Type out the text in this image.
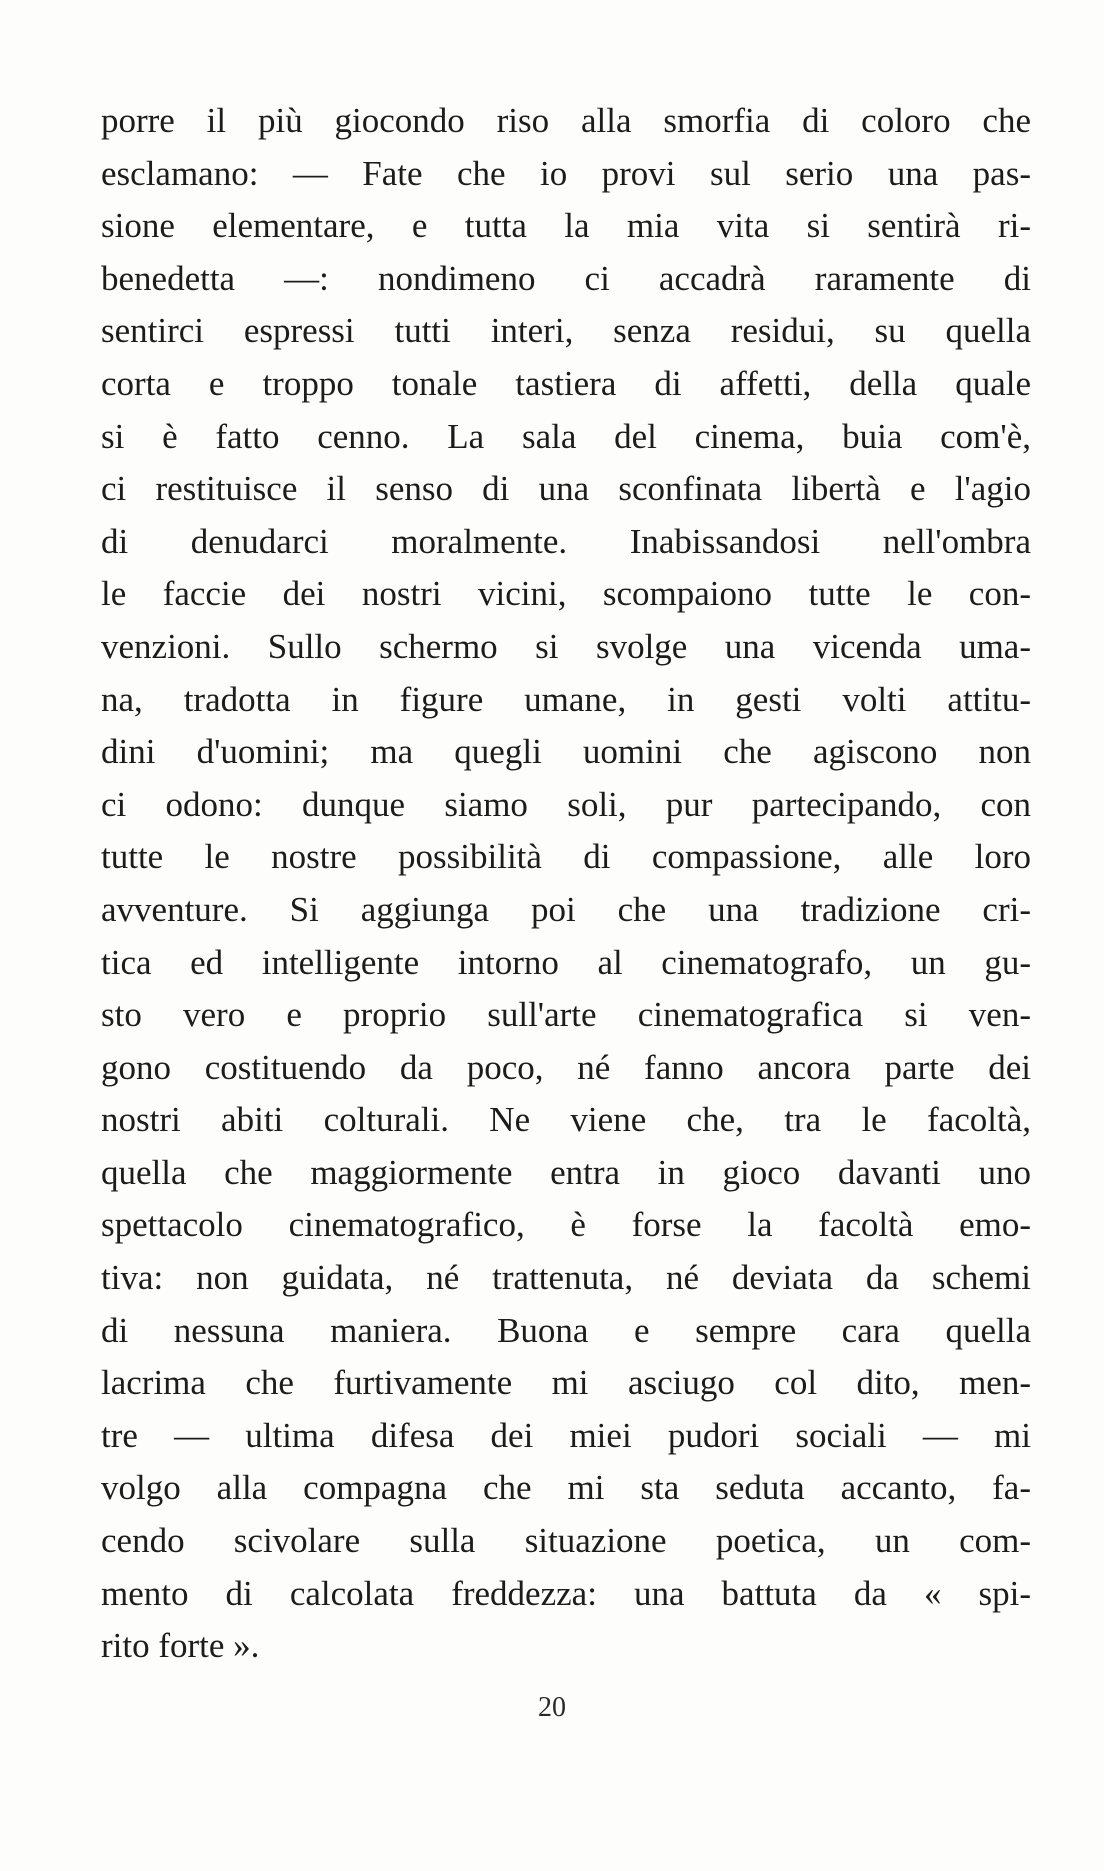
porre il più giocondo riso alla smorfia di coloro che
esclamano: — Fate che io provi sul serio una pas-
sione elementare, e tutta la mia vita si sentirà ri-
benedetta —: nondimeno ci accadrà raramente di
sentirci espressi tutti interi, senza residui, su quella
corta e troppo tonale tastiera di affetti, della quale
si è fatto cenno. La sala del cinema, buia com'è,
ci restituisce il senso di una sconfinata libertà e l'agio
di denudarci moralmente. Inabissandosi nell'ombra
le faccie dei nostri vicini, scompaiono tutte le con-
venzioni. Sullo schermo si svolge una vicenda uma-
na, tradotta in figure umane, in gesti volti attitu-
dini d'uomini; ma quegli uomini che agiscono non
ci odono: dunque siamo soli, pur partecipando, con
tutte le nostre possibilità di compassione, alle loro
avventure. Si aggiunga poi che una tradizione cri-
tica ed intelligente intorno al cinematografo, un gu-
sto vero e proprio sull'arte cinematografica si ven-
gono costituendo da poco, né fanno ancora parte dei
nostri abiti colturali. Ne viene che, tra le facoltà,
quella che maggiormente entra in gioco davanti uno
spettacolo cinematografico, è forse la facoltà emo-
tiva: non guidata, né trattenuta, né deviata da schemi
di nessuna maniera. Buona e sempre cara quella
lacrima che furtivamente mi asciugo col dito, men-
tre — ultima difesa dei miei pudori sociali — mi
volgo alla compagna che mi sta seduta accanto, fa-
cendo scivolare sulla situazione poetica, un com-
mento di calcolata freddezza: una battuta da « spi-
rito forte ».
20
